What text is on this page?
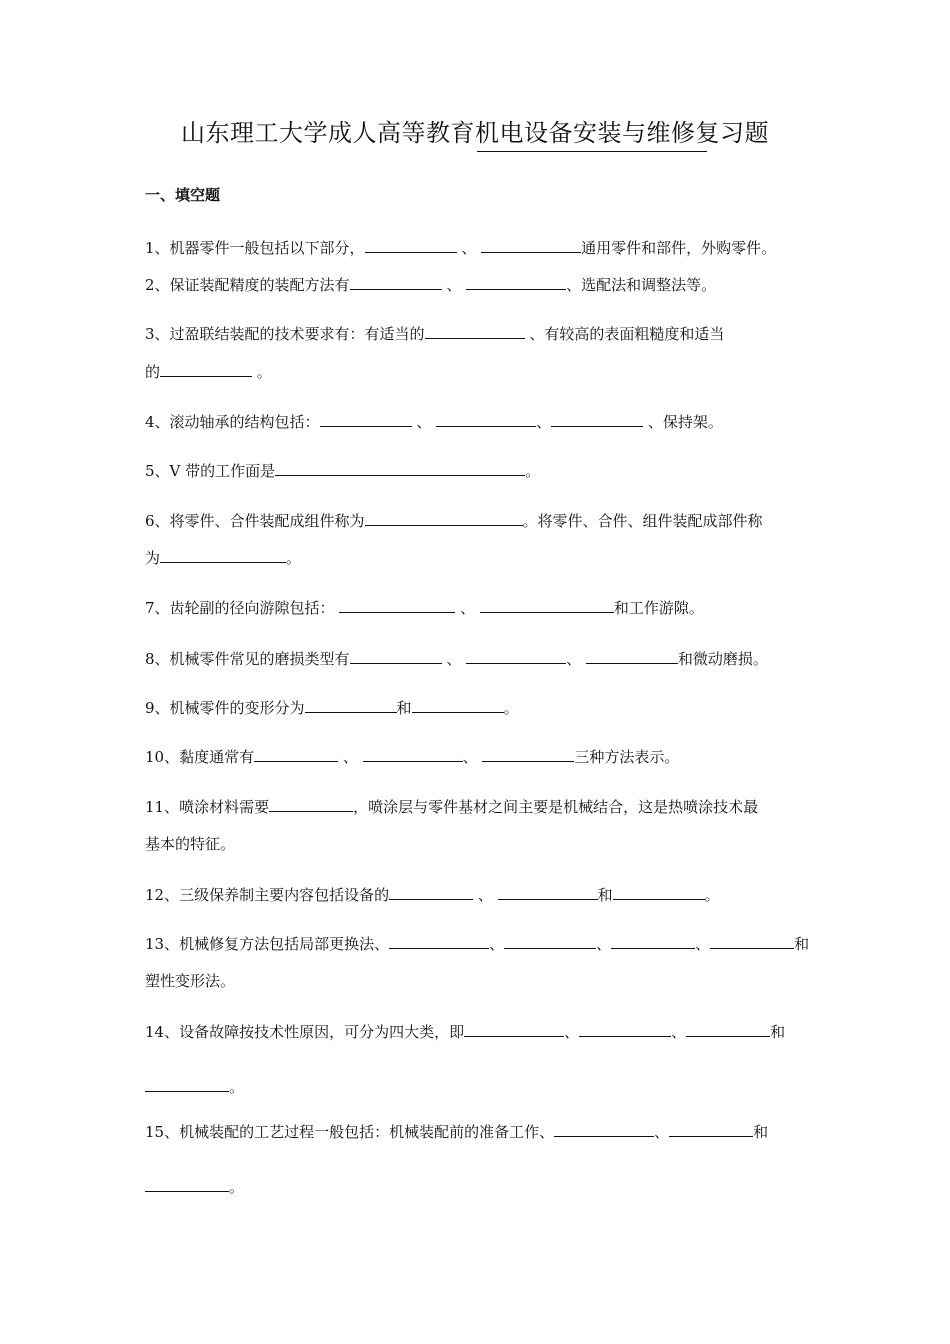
山东理工大学成人高等教育机电设备安装与维修复习题
一、填空题
1、机器零件一般包括以下部分，	、	通用零件和部件，外购零件。
2、保证装配精度的装配方法有	、	、选配法和调整法等。
3、过盈联结装配的技术要求有：有适当的	、有较高的表面粗糙度和适当
的	。
4、滚动轴承的结构包括：	、	、	、保持架。
5、V 带的工作面是	。
6、将零件、合件装配成组件称为	。将零件、合件、组件装配成部件称
为	。
7、齿轮副的径向游隙包括：	、	和工作游隙。
8、机械零件常见的磨损类型有	、	、	和微动磨损。
9、机械零件的变形分为	和	。
10、黏度通常有	、	、	三种方法表示。
11、喷涂材料需要	，喷涂层与零件基材之间主要是机械结合，这是热喷涂技术最
基本的特征。
12、三级保养制主要内容包括设备的	、	和	。
13、机械修复方法包括局部更换法、	、	、	、	和
塑性变形法。
14、设备故障按技术性原因，可分为四大类，即	、	、	和
。
15、机械装配的工艺过程一般包括：机械装配前的准备工作、	、	和
。
